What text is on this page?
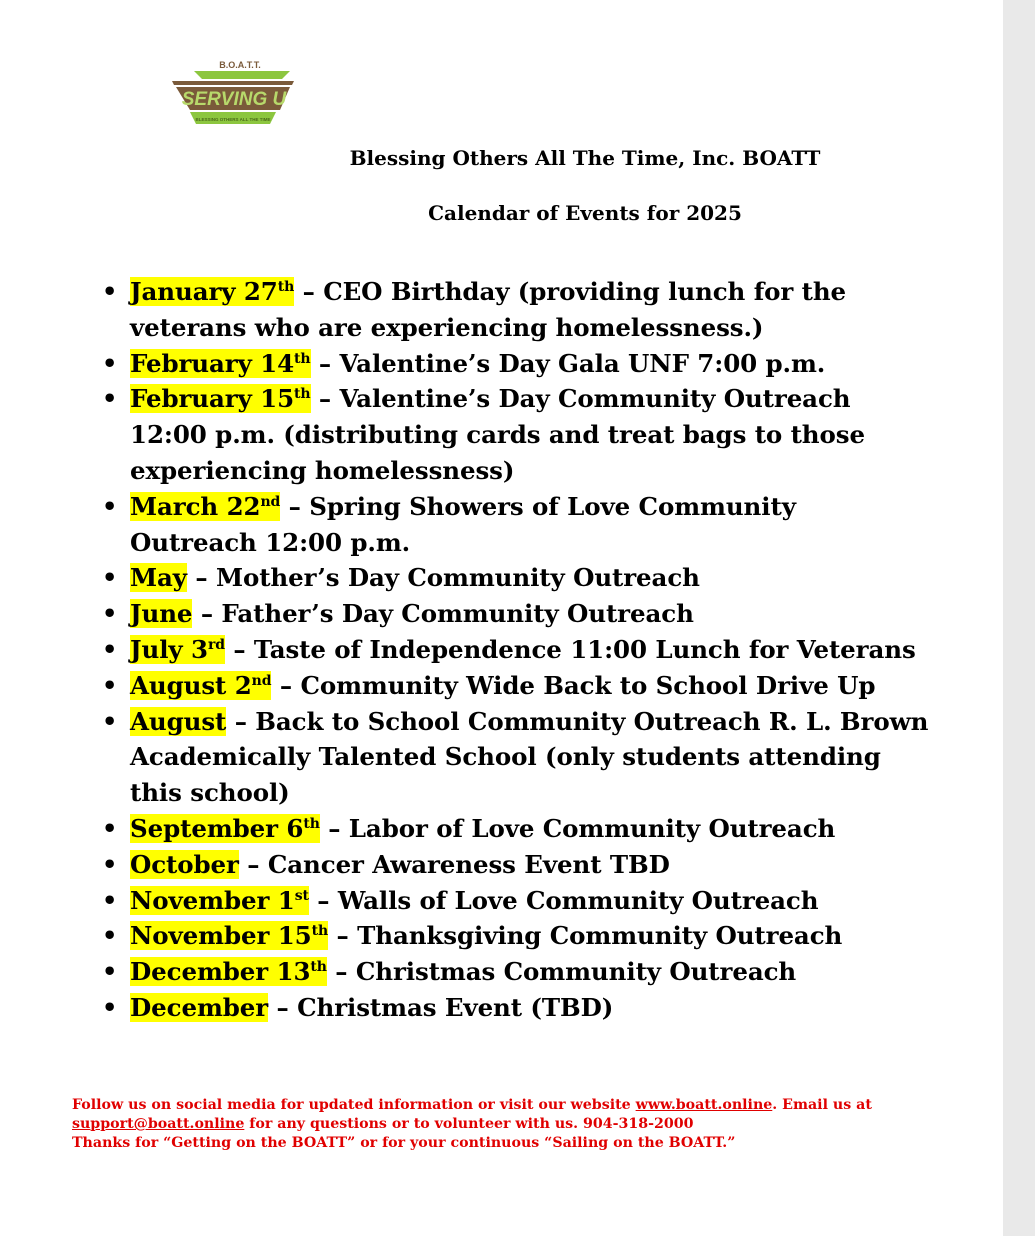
B.O.A.T.T.
SERVING U
BLESSING OTHERS ALL THE TIME
Blessing Others All The Time, Inc. BOATT
Calendar of Events for 2025
• January 27th – CEO Birthday (providing lunch for the veterans who are experiencing homelessness.)
• February 14th – Valentine’s Day Gala UNF 7:00 p.m.
• February 15th – Valentine’s Day Community Outreach 12:00 p.m. (distributing cards and treat bags to those experiencing homelessness)
• March 22nd – Spring Showers of Love Community Outreach 12:00 p.m.
• May – Mother’s Day Community Outreach
• June – Father’s Day Community Outreach
• July 3rd – Taste of Independence 11:00 Lunch for Veterans
• August 2nd – Community Wide Back to School Drive Up
• August – Back to School Community Outreach R. L. Brown Academically Talented School (only students attending this school)
• September 6th – Labor of Love Community Outreach
• October – Cancer Awareness Event TBD
• November 1st – Walls of Love Community Outreach
• November 15th – Thanksgiving Community Outreach
• December 13th – Christmas Community Outreach
• December – Christmas Event (TBD)
Follow us on social media for updated information or visit our website www.boatt.online. Email us at support@boatt.online for any questions or to volunteer with us. 904-318-2000
Thanks for “Getting on the BOATT” or for your continuous “Sailing on the BOATT.”
